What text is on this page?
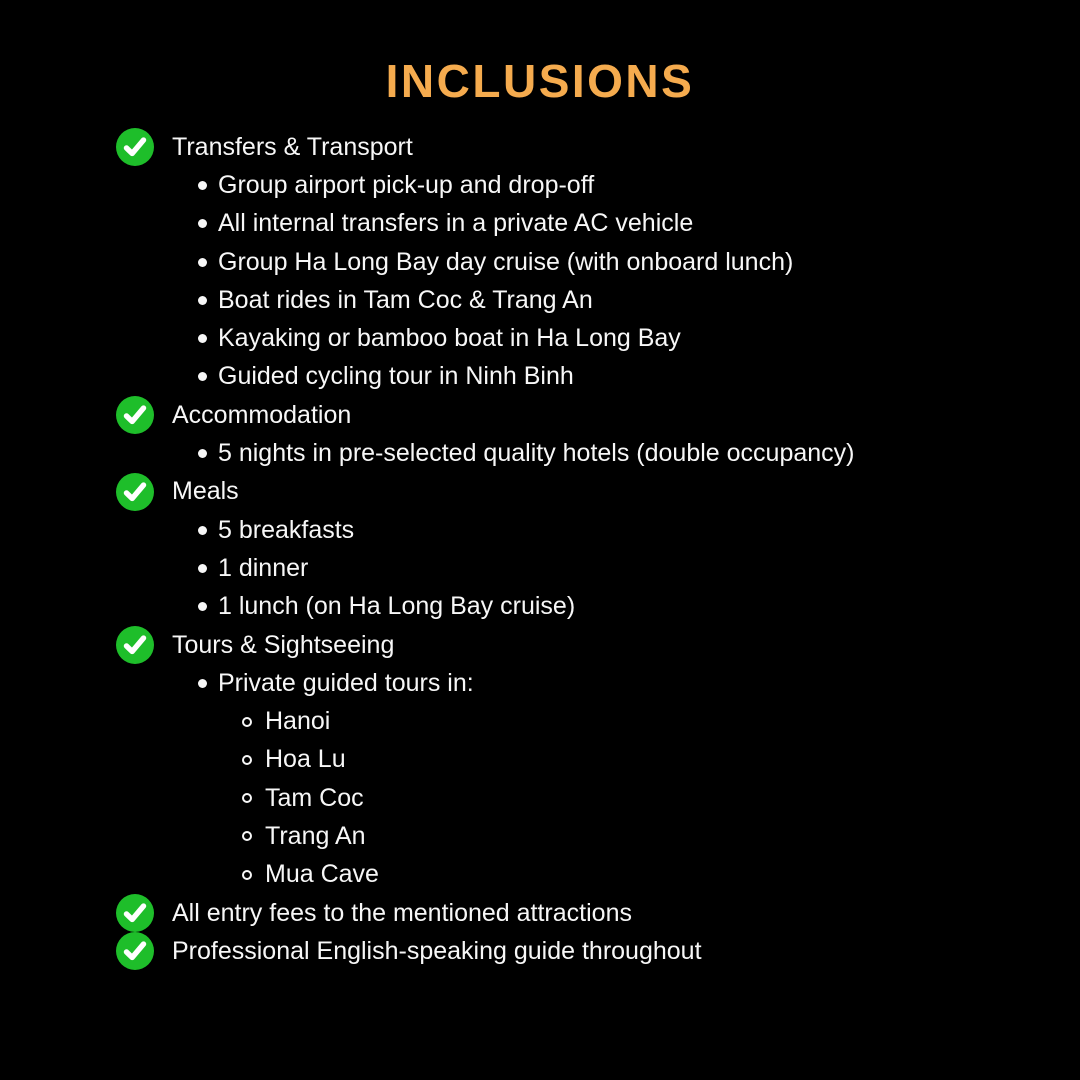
INCLUSIONS
Transfers & Transport
Group airport pick-up and drop-off
All internal transfers in a private AC vehicle
Group Ha Long Bay day cruise (with onboard lunch)
Boat rides in Tam Coc & Trang An
Kayaking or bamboo boat in Ha Long Bay
Guided cycling tour in Ninh Binh
Accommodation
5 nights in pre-selected quality hotels (double occupancy)
Meals
5 breakfasts
1 dinner
1 lunch (on Ha Long Bay cruise)
Tours & Sightseeing
Private guided tours in:
Hanoi
Hoa Lu
Tam Coc
Trang An
Mua Cave
All entry fees to the mentioned attractions
Professional English-speaking guide throughout
